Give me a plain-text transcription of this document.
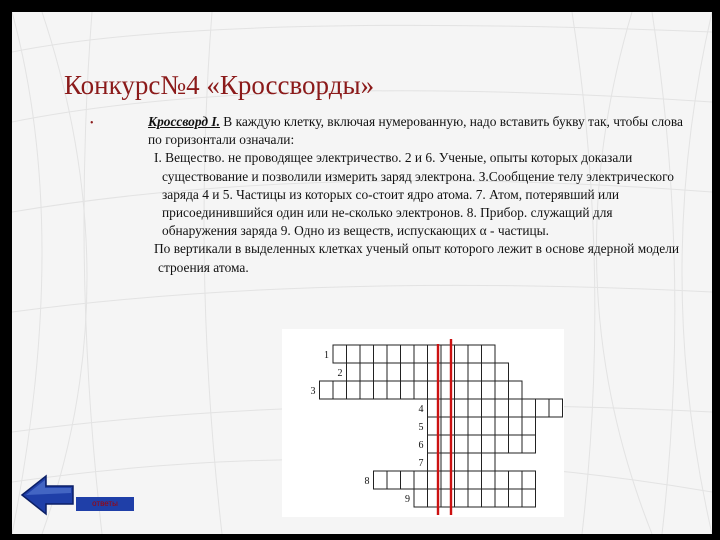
Конкурс№4 «Кроссворды»
•	Кроссворд I. В каждую клетку, включая нумерованную, надо вставить букву так, чтобы слова по горизонтали означали:

I. Вещество. не проводящее электричество. 2 и 6. Ученые, опыты которых доказали существование и позволили измерить заряд электрона. З.Сообщение телу электрического заряда 4 и 5. Частицы из которых со-стоит ядро атома. 7. Атом, потерявший или присоединившийся один или не-сколько электронов. 8. Прибор. служащий для обнаружения заряда 9. Одно из веществ, испускающих α - частицы.

По вертикали в выделенных клетках ученый опыт которого лежит в основе ядерной модели строения атома.

1
2
3
4
5
6
7
8
9
ответы
